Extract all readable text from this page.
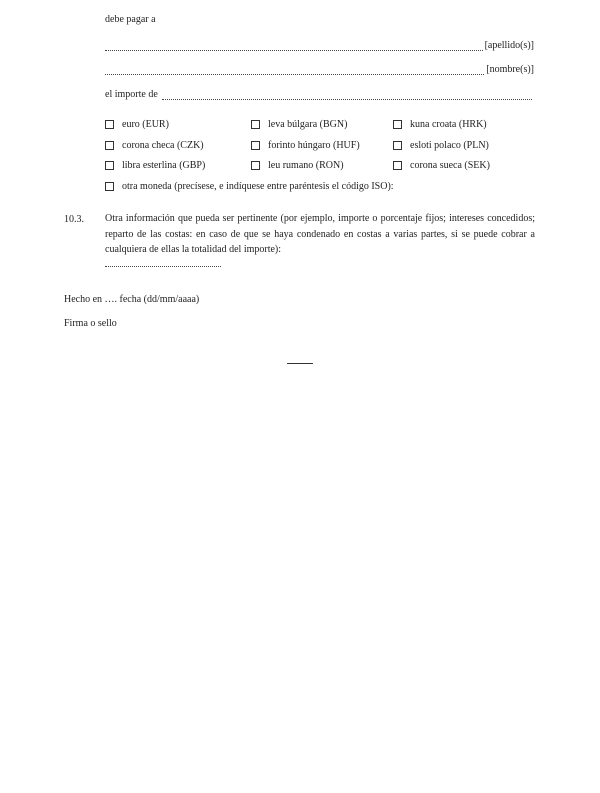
debe pagar a
[apellido(s)]
[nombre(s)]
el importe de
euro (EUR)	leva búlgara (BGN)	kuna croata (HRK)
corona checa (CZK)	forinto húngaro (HUF)	esloti polaco (PLN)
libra esterlina (GBP)	leu rumano (RON)	corona sueca (SEK)
otra moneda (precísese, e indíquese entre paréntesis el código ISO):
10.3. Otra información que pueda ser pertinente (por ejemplo, importe o porcentaje fijos; intereses concedidos; reparto de las costas: en caso de que se haya condenado en costas a varias partes, si se puede cobrar a cualquiera de ellas la totalidad del importe):
Hecho en …. fecha (dd/mm/aaaa)
Firma o sello
